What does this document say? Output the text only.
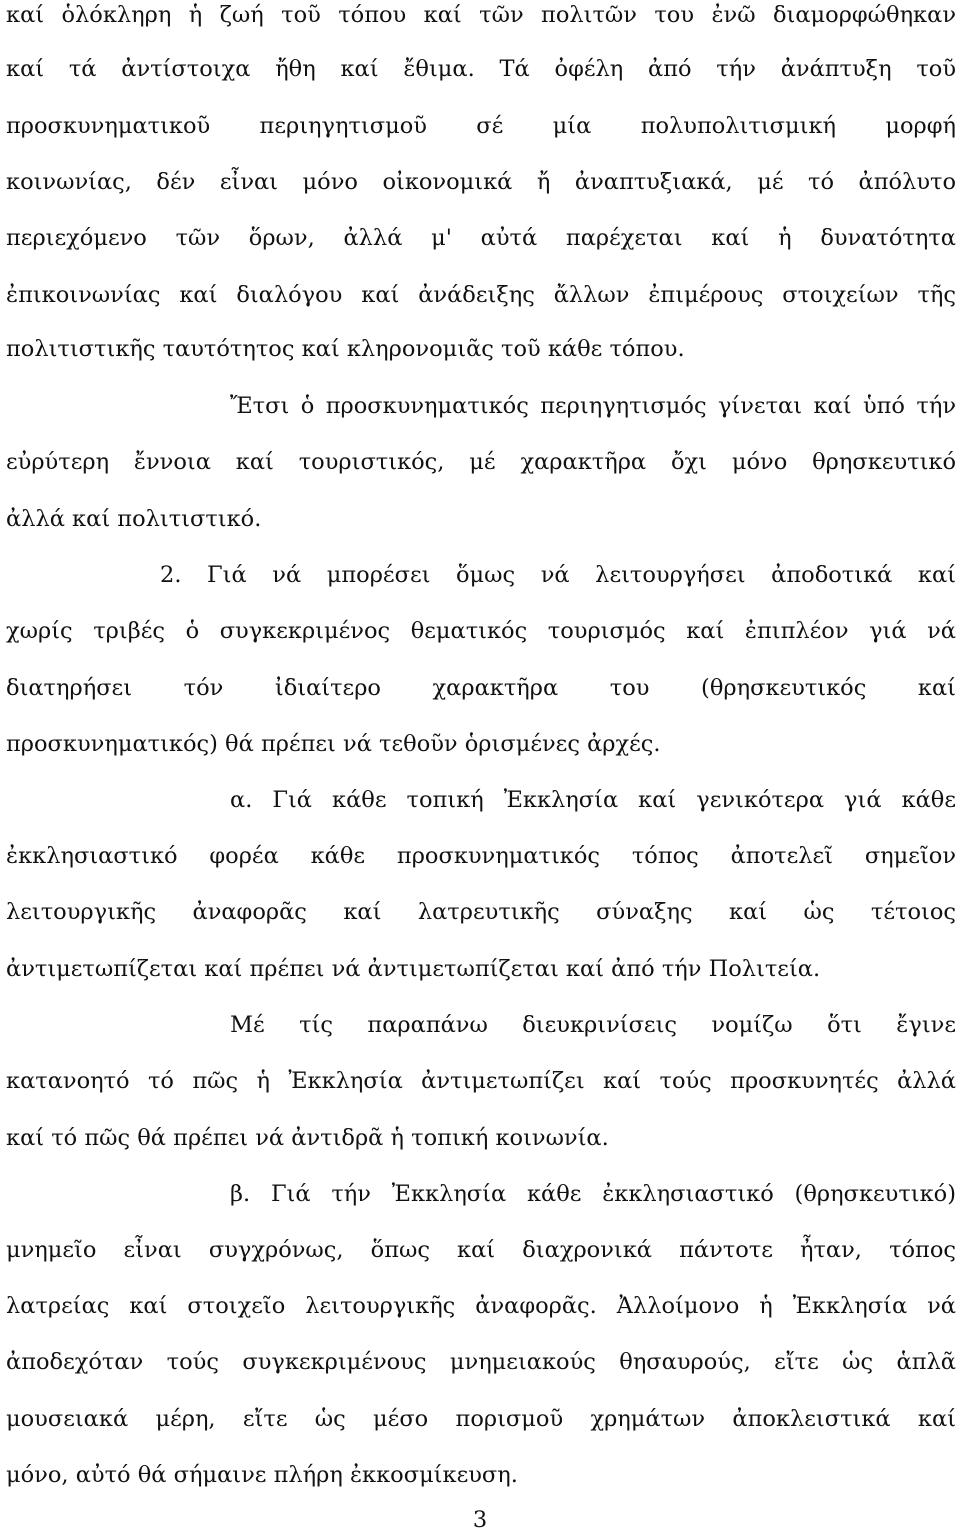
καί ὁλόκληρη ἡ ζωή τοῦ τόπου καί τῶν πολιτῶν του ἐνῶ διαμορφώθηκαν
καί τά ἀντίστοιχα ἤθη καί ἔθιμα. Τά ὀφέλη ἀπό τήν ἀνάπτυξη τοῦ
προσκυνηματικοῦ περιηγητισμοῦ σέ μία πολυπολιτισμική μορφή
κοινωνίας, δέν εἶναι μόνο οἰκονομικά ἤ ἀναπτυξιακά, μέ τό ἀπόλυτο
περιεχόμενο τῶν ὅρων, ἀλλά μ' αὐτά παρέχεται καί ἡ δυνατότητα
ἐπικοινωνίας καί διαλόγου καί ἀνάδειξης ἄλλων ἐπιμέρους στοιχείων τῆς
πολιτιστικῆς ταυτότητος καί κληρονομιᾶς τοῦ κάθε τόπου.
Ἔτσι ὁ προσκυνηματικός περιηγητισμός γίνεται καί ὑπό τήν
εὐρύτερη ἔννοια καί τουριστικός, μέ χαρακτῆρα ὄχι μόνο θρησκευτικό
ἀλλά καί πολιτιστικό.
2. Γιά νά μπορέσει ὅμως νά λειτουργήσει ἀποδοτικά καί
χωρίς τριβές ὁ συγκεκριμένος θεματικός τουρισμός καί ἐπιπλέον γιά νά
διατηρήσει τόν ἰδιαίτερο χαρακτῆρα του (θρησκευτικός καί
προσκυνηματικός) θά πρέπει νά τεθοῦν ὁρισμένες ἀρχές.
α. Γιά κάθε τοπική Ἐκκλησία καί γενικότερα γιά κάθε
ἐκκλησιαστικό φορέα κάθε προσκυνηματικός τόπος ἀποτελεῖ σημεῖον
λειτουργικῆς ἀναφορᾶς καί λατρευτικῆς σύναξης καί ὡς τέτοιος
ἀντιμετωπίζεται καί πρέπει νά ἀντιμετωπίζεται καί ἀπό τήν Πολιτεία.
Μέ τίς παραπάνω διευκρινίσεις νομίζω ὅτι ἔγινε
κατανοητό τό πῶς ἡ Ἐκκλησία ἀντιμετωπίζει καί τούς προσκυνητές ἀλλά
καί τό πῶς θά πρέπει νά ἀντιδρᾶ ἡ τοπική κοινωνία.
β. Γιά τήν Ἐκκλησία κάθε ἐκκλησιαστικό (θρησκευτικό)
μνημεῖο εἶναι συγχρόνως, ὅπως καί διαχρονικά πάντοτε ἦταν, τόπος
λατρείας καί στοιχεῖο λειτουργικῆς ἀναφορᾶς. Ἀλλοίμονο ἡ Ἐκκλησία νά
ἀποδεχόταν τούς συγκεκριμένους μνημειακούς θησαυρούς, εἴτε ὡς ἁπλᾶ
μουσειακά μέρη, εἴτε ὡς μέσο πορισμοῦ χρημάτων ἀποκλειστικά καί
μόνο, αὐτό θά σήμαινε πλήρη ἐκκοσμίκευση.
3
